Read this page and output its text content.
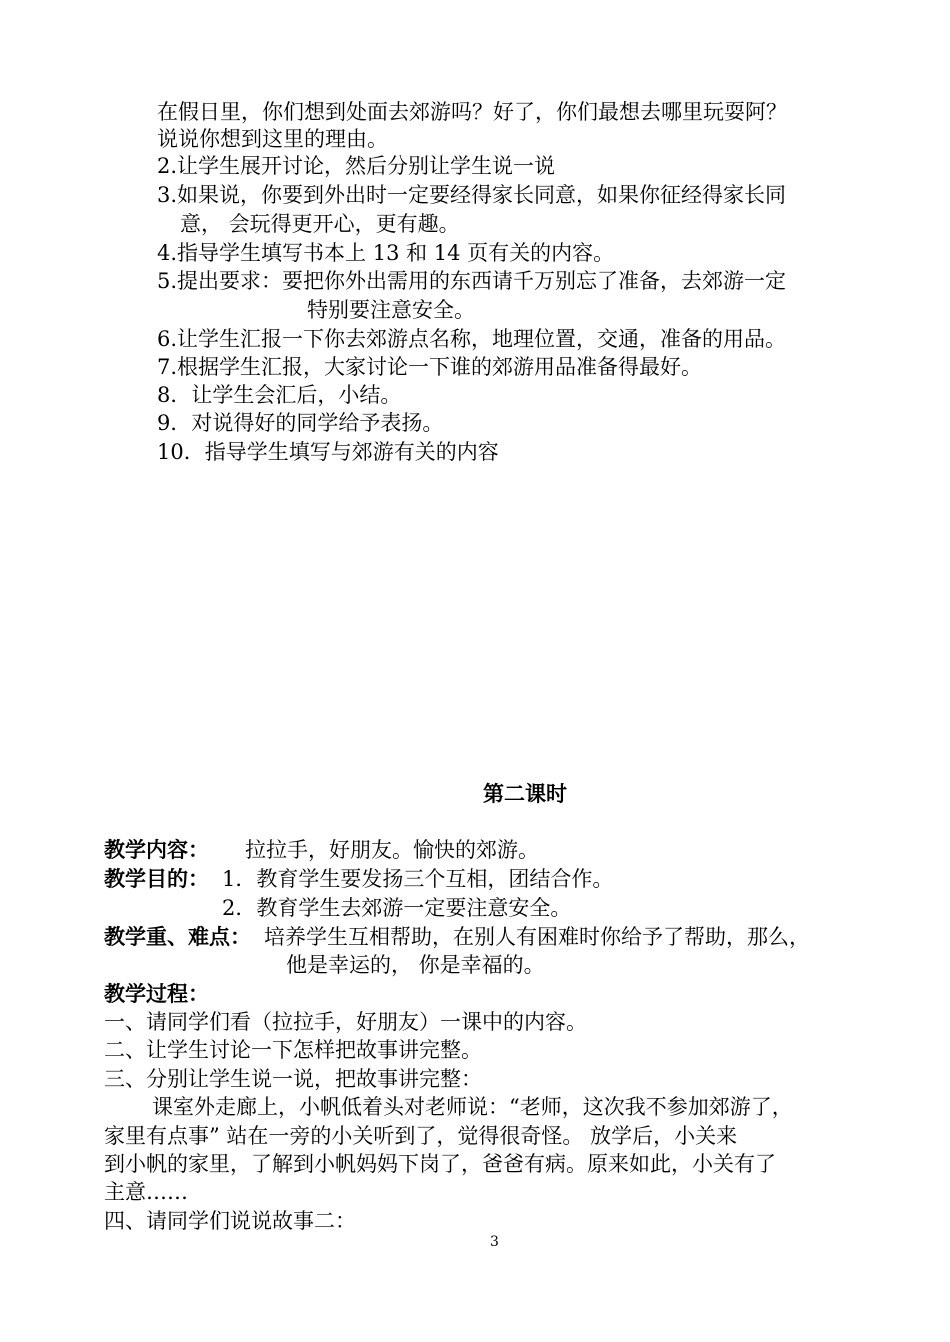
在假日里，你们想到处面去郊游吗？好了，你们最想去哪里玩耍阿？

说说你想到这里的理由。

2.让学生展开讨论，然后分别让学生说一说

3.如果说，你要到外出时一定要经得家长同意，如果你征经得家长同

意， 会玩得更开心，更有趣。

4.指导学生填写书本上 13 和 14 页有关的内容。

5.提出要求：要把你外出需用的东西请千万别忘了准备，去郊游一定

特别要注意安全。

6.让学生汇报一下你去郊游点名称，地理位置，交通，准备的用品。

7.根据学生汇报，大家讨论一下谁的郊游用品准备得最好。

8．让学生会汇后，小结。

9．对说得好的同学给予表扬。

10．指导学生填写与郊游有关的内容

第二课时

教学内容： 拉拉手，好朋友。愉快的郊游。

教学目的： 1．教育学生要发扬三个互相，团结合作。

2．教育学生去郊游一定要注意安全。

教学重、难点： 培养学生互相帮助，在别人有困难时你给予了帮助，那么，

他是幸运的， 你是幸福的。

教学过程：

一、请同学们看（拉拉手，好朋友）一课中的内容。

二、让学生讨论一下怎样把故事讲完整。

三、分别让学生说一说，把故事讲完整：

课室外走廊上，小帆低着头对老师说：“老师，这次我不参加郊游了，

家里有点事” 站在一旁的小关听到了，觉得很奇怪。 放学后，小关来

到小帆的家里，了解到小帆妈妈下岗了，爸爸有病。原来如此，小关有了

主意……

四、请同学们说说故事二：

3
